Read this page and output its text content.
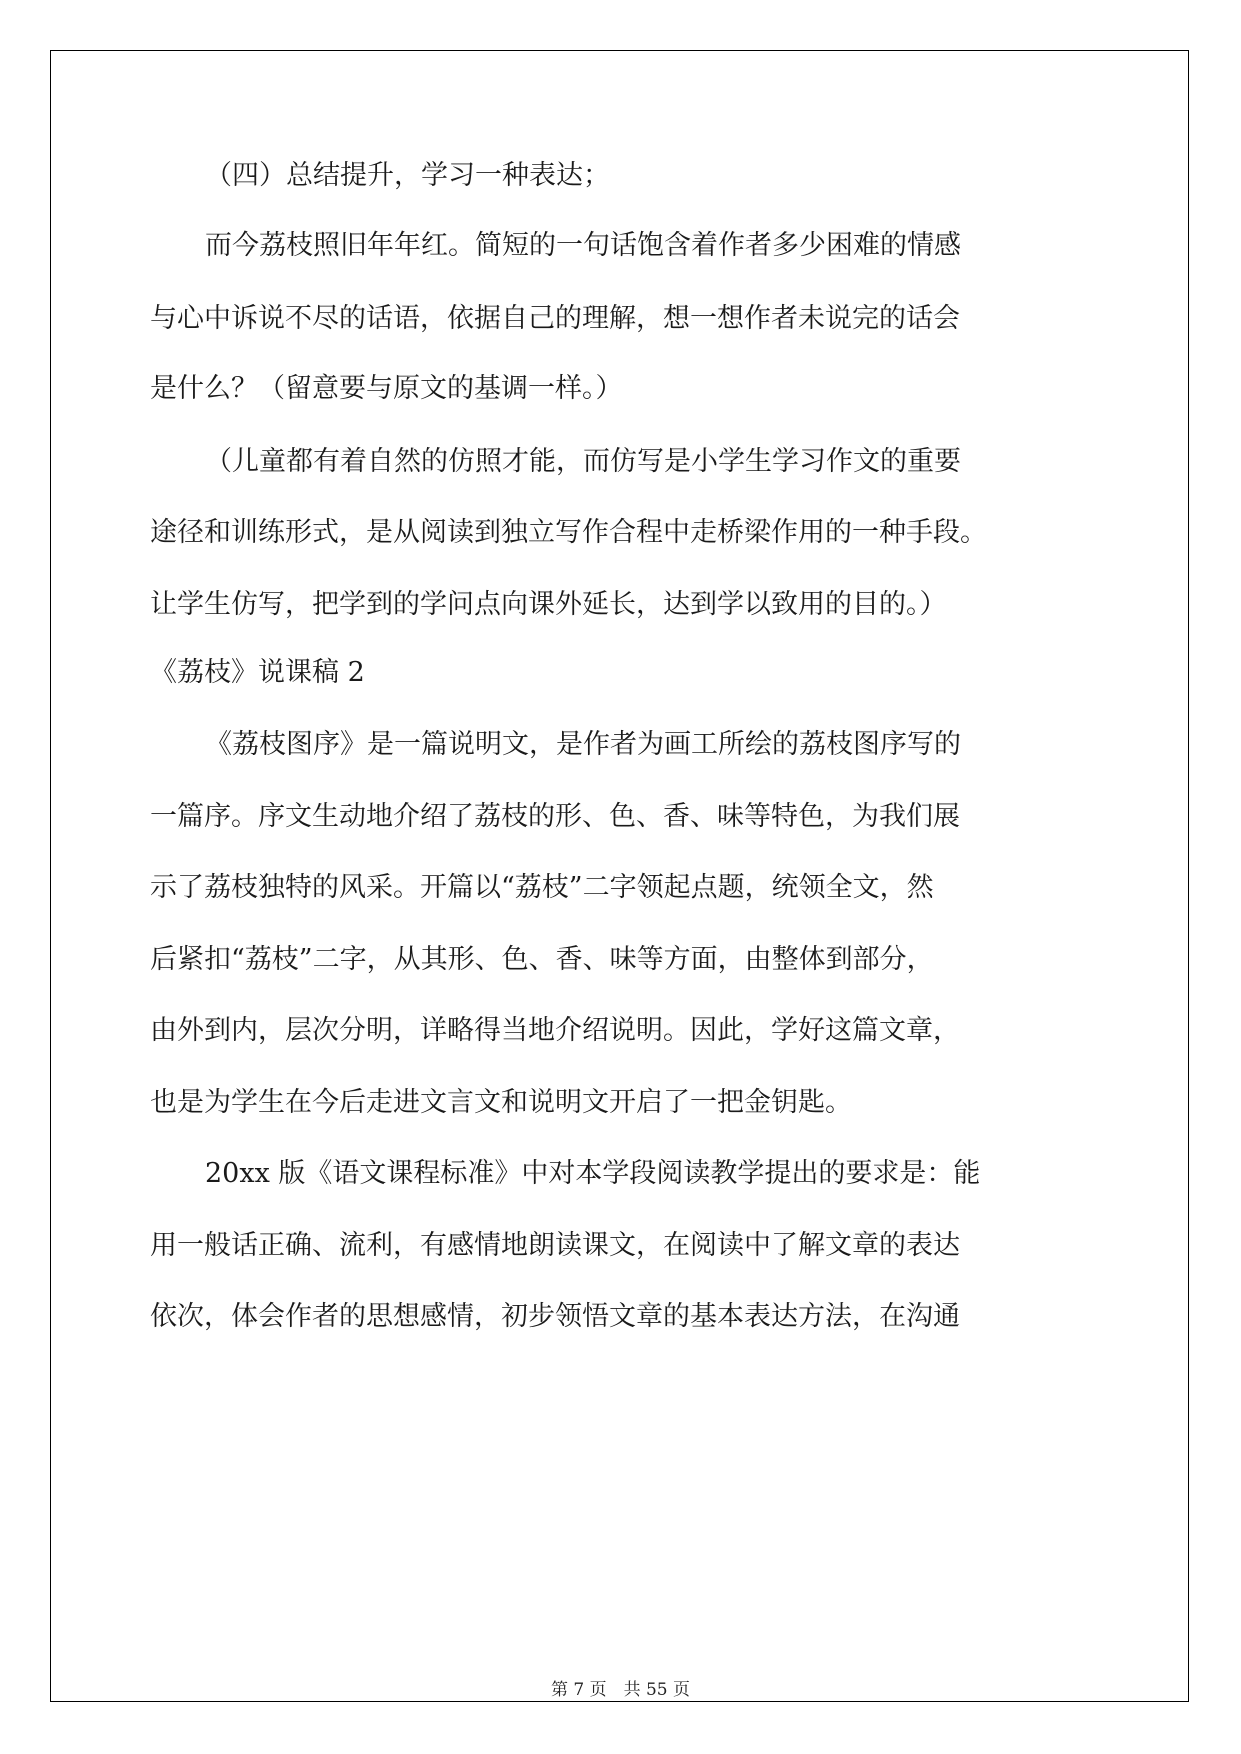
（四）总结提升，学习一种表达；

而今荔枝照旧年年红。简短的一句话饱含着作者多少困难的情感

与心中诉说不尽的话语，依据自己的理解，想一想作者未说完的话会

是什么？（留意要与原文的基调一样。）

（儿童都有着自然的仿照才能，而仿写是小学生学习作文的重要

途径和训练形式，是从阅读到独立写作合程中走桥梁作用的一种手段。

让学生仿写，把学到的学问点向课外延长，达到学以致用的目的。）

《荔枝》说课稿 2

《荔枝图序》是一篇说明文，是作者为画工所绘的荔枝图序写的

一篇序。序文生动地介绍了荔枝的形、色、香、味等特色，为我们展

示了荔枝独特的风采。开篇以“荔枝”二字领起点题，统领全文，然

后紧扣“荔枝”二字，从其形、色、香、味等方面，由整体到部分，

由外到内，层次分明，详略得当地介绍说明。因此，学好这篇文章，

也是为学生在今后走进文言文和说明文开启了一把金钥匙。

20xx 版《语文课程标准》中对本学段阅读教学提出的要求是：能

用一般话正确、流利，有感情地朗读课文，在阅读中了解文章的表达

依次，体会作者的思想感情，初步领悟文章的基本表达方法，在沟通

第 7 页　共 55 页
